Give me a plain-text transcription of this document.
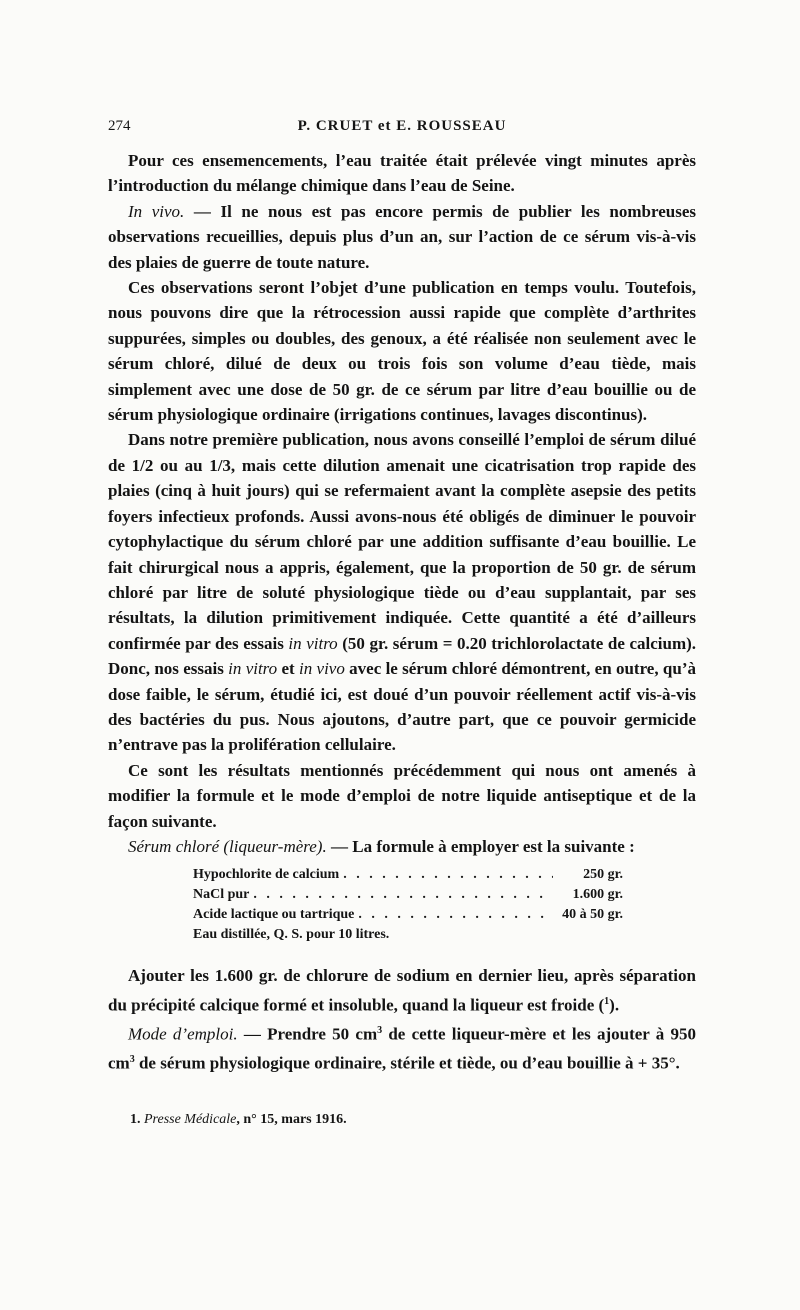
274	P. CRUET et E. ROUSSEAU

Pour ces ensemencements, l’eau traitée était prélevée vingt minutes après l’introduction du mélange chimique dans l’eau de Seine.

In vivo. — Il ne nous est pas encore permis de publier les nombreuses observations recueillies, depuis plus d’un an, sur l’action de ce sérum vis-à-vis des plaies de guerre de toute nature.

Ces observations seront l’objet d’une publication en temps voulu. Toutefois, nous pouvons dire que la rétrocession aussi rapide que complète d’arthrites suppurées, simples ou doubles, des genoux, a été réalisée non seulement avec le sérum chloré, dilué de deux ou trois fois son volume d’eau tiède, mais simplement avec une dose de 50 gr. de ce sérum par litre d’eau bouillie ou de sérum physiologique ordinaire (irrigations continues, lavages discontinus).

Dans notre première publication, nous avons conseillé l’emploi de sérum dilué de 1/2 ou au 1/3, mais cette dilution amenait une cicatrisation trop rapide des plaies (cinq à huit jours) qui se refermaient avant la complète asepsie des petits foyers infectieux profonds. Aussi avons-nous été obligés de diminuer le pouvoir cytophylactique du sérum chloré par une addition suffisante d’eau bouillie. Le fait chirurgical nous a appris, également, que la proportion de 50 gr. de sérum chloré par litre de soluté physiologique tiède ou d’eau supplantait, par ses résultats, la dilution primitivement indiquée. Cette quantité a été d’ailleurs confirmée par des essais in vitro (50 gr. sérum = 0.20 trichlorolactate de calcium). Donc, nos essais in vitro et in vivo avec le sérum chloré démontrent, en outre, qu’à dose faible, le sérum, étudié ici, est doué d’un pouvoir réellement actif vis-à-vis des bactéries du pus. Nous ajoutons, d’autre part, que ce pouvoir germicide n’entrave pas la prolifération cellulaire.

Ce sont les résultats mentionnés précédemment qui nous ont amenés à modifier la formule et le mode d’emploi de notre liquide antiseptique et de la façon suivante.

Sérum chloré (liqueur-mère). — La formule à employer est la suivante :

Hypochlorite de calcium . . .	250 gr.
NaCl pur . . .	1.600 gr.
Acide lactique ou tartrique . . .	40 à 50 gr.
Eau distillée, Q. S. pour 10 litres.

Ajouter les 1.600 gr. de chlorure de sodium en dernier lieu, après séparation du précipité calcique formé et insoluble, quand la liqueur est froide ($^1$).

Mode d’emploi. — Prendre 50 $cm^3$ de cette liqueur-mère et les ajouter à 950 $cm^3$ de sérum physiologique ordinaire, stérile et tiède, ou d’eau bouillie à + 35°.

1. Presse Médicale, n° 15, mars 1916.
